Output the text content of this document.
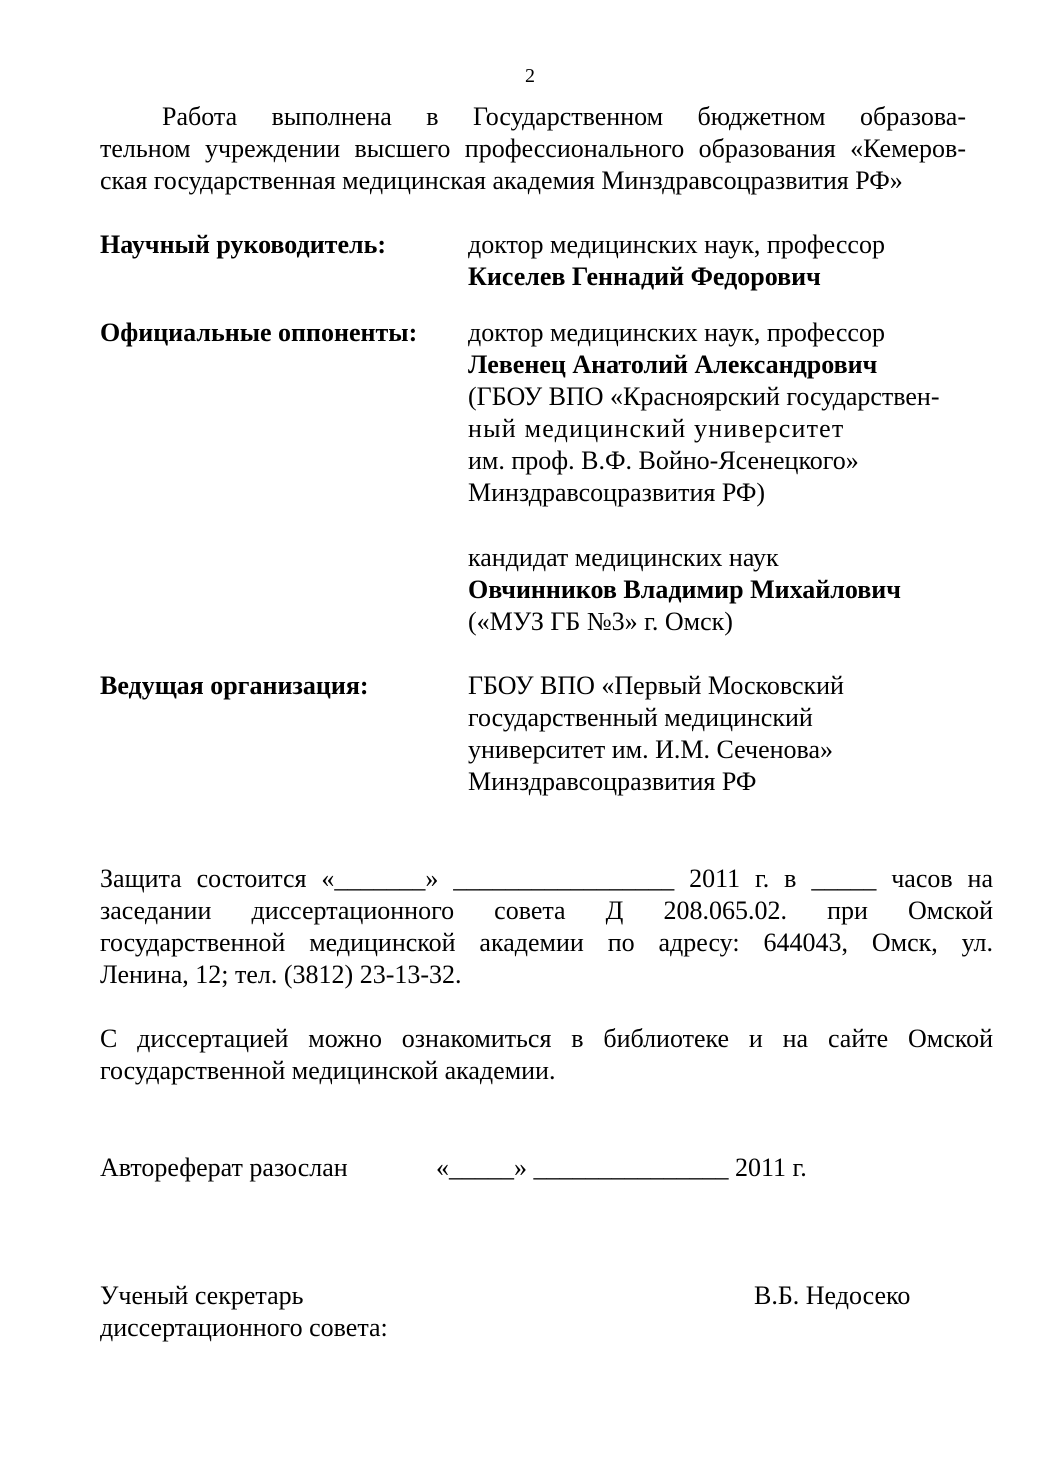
2
Работа выполнена в Государственном бюджетном образова-
тельном учреждении высшего профессионального образования «Кемеров-
ская государственная медицинская академия Минздравсоцразвития РФ»
Научный руководитель:	доктор медицинских наук, профессор
Киселев Геннадий Федорович
Официальные оппоненты: доктор медицинских наук, профессор
Левенец Анатолий Александрович
(ГБОУ ВПО «Красноярский государствен-
ный медицинский университет
им. проф. В.Ф. Войно-Ясенецкого»
Минздравсоцразвития РФ)
кандидат медицинских наук
Овчинников Владимир Михайлович
(«МУЗ ГБ №3» г. Омск)
Ведущая организация:	ГБОУ ВПО «Первый Московский
государственный медицинский
университет им. И.М. Сеченова»
Минздравсоцразвития РФ
Защита состоится «_______» _________________ 2011 г. в _____ часов на
заседании диссертационного совета Д 208.065.02. при Омской
государственной медицинской академии по адресу: 644043, Омск, ул.
Ленина, 12; тел. (3812) 23-13-32.
С диссертацией можно ознакомиться в библиотеке и на сайте Омской
государственной медицинской академии.
Автореферат разослан	«_____» _______________ 2011 г.
Ученый секретарь
диссертационного совета:
В.Б. Недосеко
